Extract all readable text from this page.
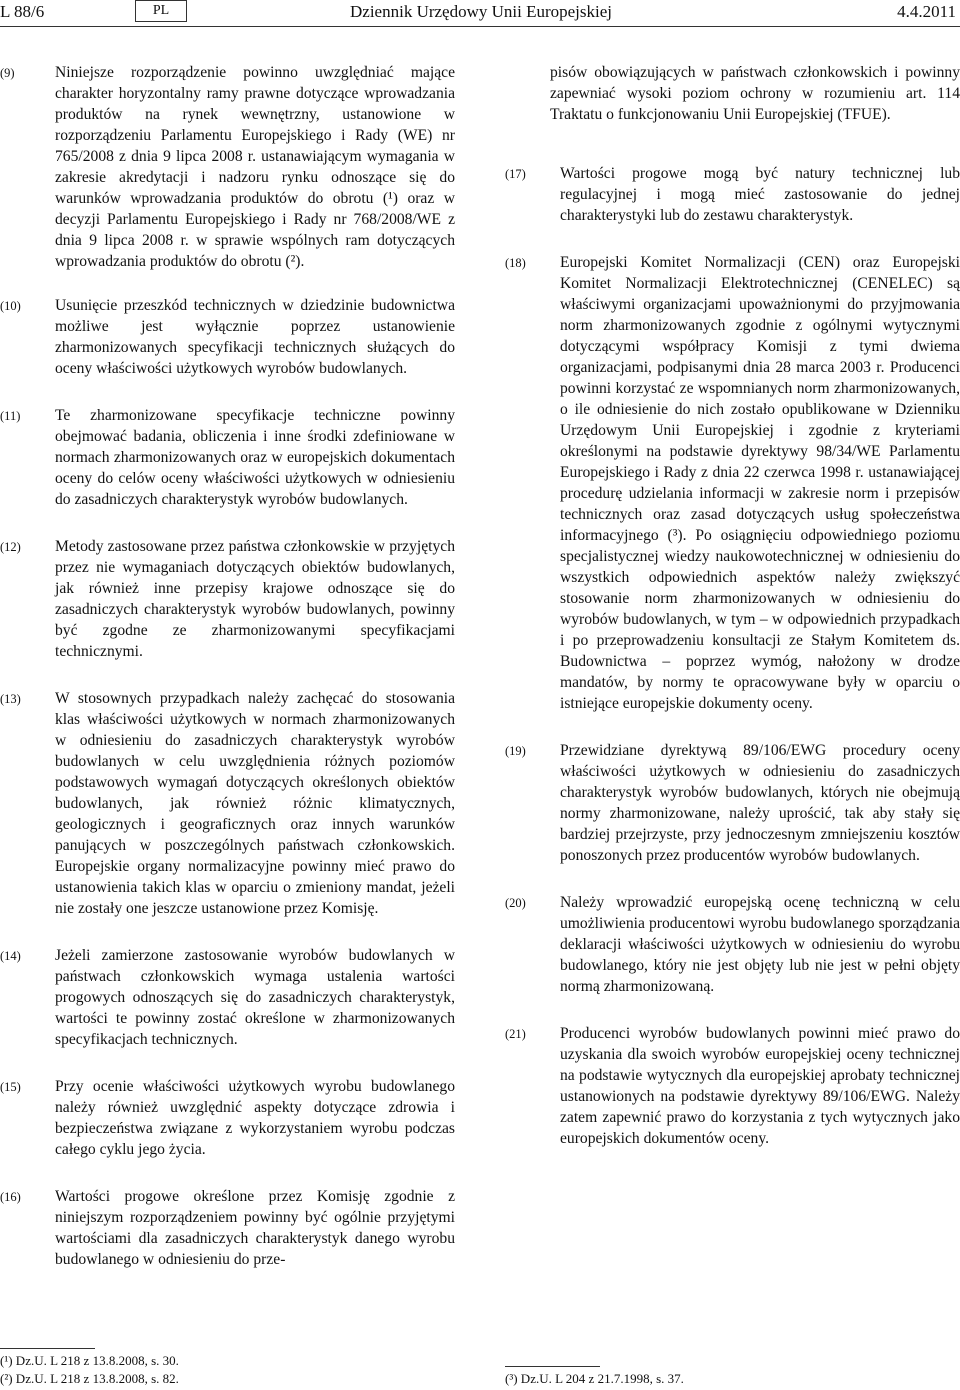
L 88/6	PL	Dziennik Urzędowy Unii Europejskiej	4.4.2011
(9)	Niniejsze rozporządzenie powinno uwzględniać mające charakter horyzontalny ramy prawne dotyczące wprowadzania produktów na rynek wewnętrzny, ustanowione w rozporządzeniu Parlamentu Europejskiego i Rady (WE) nr 765/2008 z dnia 9 lipca 2008 r. ustanawiającym wymagania w zakresie akredytacji i nadzoru rynku odnoszące się do warunków wprowadzania produktów do obrotu (¹) oraz w decyzji Parlamentu Europejskiego i Rady nr 768/2008/WE z dnia 9 lipca 2008 r. w sprawie wspólnych ram dotyczących wprowadzania produktów do obrotu (²).
(10) Usunięcie przeszkód technicznych w dziedzinie budownictwa możliwe jest wyłącznie poprzez ustanowienie zharmonizowanych specyfikacji technicznych służących do oceny właściwości użytkowych wyrobów budowlanych.
(11) Te zharmonizowane specyfikacje techniczne powinny obejmować badania, obliczenia i inne środki zdefiniowane w normach zharmonizowanych oraz w europejskich dokumentach oceny do celów oceny właściwości użytkowych w odniesieniu do zasadniczych charakterystyk wyrobów budowlanych.
(12) Metody zastosowane przez państwa członkowskie w przyjętych przez nie wymaganiach dotyczących obiektów budowlanych, jak również inne przepisy krajowe odnoszące się do zasadniczych charakterystyk wyrobów budowlanych, powinny być zgodne ze zharmonizowanymi specyfikacjami technicznymi.
(13) W stosownych przypadkach należy zachęcać do stosowania klas właściwości użytkowych w normach zharmonizowanych w odniesieniu do zasadniczych charakterystyk wyrobów budowlanych w celu uwzględnienia różnych poziomów podstawowych wymagań dotyczących określonych obiektów budowlanych, jak również różnic klimatycznych, geologicznych i geograficznych oraz innych warunków panujących w poszczególnych państwach członkowskich. Europejskie organy normalizacyjne powinny mieć prawo do ustanowienia takich klas w oparciu o zmieniony mandat, jeżeli nie zostały one jeszcze ustanowione przez Komisję.
(14) Jeżeli zamierzone zastosowanie wyrobów budowlanych w państwach członkowskich wymaga ustalenia wartości progowych odnoszących się do zasadniczych charakterystyk, wartości te powinny zostać określone w zharmonizowanych specyfikacjach technicznych.
(15) Przy ocenie właściwości użytkowych wyrobu budowlanego należy również uwzględnić aspekty dotyczące zdrowia i bezpieczeństwa związane z wykorzystaniem wyrobu podczas całego cyklu jego życia.
(16) Wartości progowe określone przez Komisję zgodnie z niniejszym rozporządzeniem powinny być ogólnie przyjętymi wartościami dla zasadniczych charakterystyk danego wyrobu budowlanego w odniesieniu do prze-
pisów obowiązujących w państwach członkowskich i powinny zapewniać wysoki poziom ochrony w rozumieniu art. 114 Traktatu o funkcjonowaniu Unii Europejskiej (TFUE).
(17) Wartości progowe mogą być natury technicznej lub regulacyjnej i mogą mieć zastosowanie do jednej charakterystyki lub do zestawu charakterystyk.
(18) Europejski Komitet Normalizacji (CEN) oraz Europejski Komitet Normalizacji Elektrotechnicznej (CENELEC) są właściwymi organizacjami upoważnionymi do przyjmowania norm zharmonizowanych zgodnie z ogólnymi wytycznymi dotyczącymi współpracy Komisji z tymi dwiema organizacjami, podpisanymi dnia 28 marca 2003 r. Producenci powinni korzystać ze wspomnianych norm zharmonizowanych, o ile odniesienie do nich zostało opublikowane w Dzienniku Urzędowym Unii Europejskiej i zgodnie z kryteriami określonymi na podstawie dyrektywy 98/34/WE Parlamentu Europejskiego i Rady z dnia 22 czerwca 1998 r. ustanawiającej procedurę udzielania informacji w zakresie norm i przepisów technicznych oraz zasad dotyczących usług społeczeństwa informacyjnego (³). Po osiągnięciu odpowiedniego poziomu specjalistycznej wiedzy naukowotechnicznej w odniesieniu do wszystkich odpowiednich aspektów należy zwiększyć stosowanie norm zharmonizowanych w odniesieniu do wyrobów budowlanych, w tym – w odpowiednich przypadkach i po przeprowadzeniu konsultacji ze Stałym Komitetem ds. Budownictwa – poprzez wymóg, nałożony w drodze mandatów, by normy te opracowywane były w oparciu o istniejące europejskie dokumenty oceny.
(19) Przewidziane dyrektywą 89/106/EWG procedury oceny właściwości użytkowych w odniesieniu do zasadniczych charakterystyk wyrobów budowlanych, których nie obejmują normy zharmonizowane, należy uprościć, tak aby stały się bardziej przejrzyste, przy jednoczesnym zmniejszeniu kosztów ponoszonych przez producentów wyrobów budowlanych.
(20) Należy wprowadzić europejską ocenę techniczną w celu umożliwienia producentowi wyrobu budowlanego sporządzania deklaracji właściwości użytkowych w odniesieniu do wyrobu budowlanego, który nie jest objęty lub nie jest w pełni objęty normą zharmonizowaną.
(21) Producenci wyrobów budowlanych powinni mieć prawo do uzyskania dla swoich wyrobów europejskiej oceny technicznej na podstawie wytycznych dla europejskiej aprobaty technicznej ustanowionych na podstawie dyrektywy 89/106/EWG. Należy zatem zapewnić prawo do korzystania z tych wytycznych jako europejskich dokumentów oceny.
(¹) Dz.U. L 218 z 13.8.2008, s. 30.
(²) Dz.U. L 218 z 13.8.2008, s. 82.	(³) Dz.U. L 204 z 21.7.1998, s. 37.
